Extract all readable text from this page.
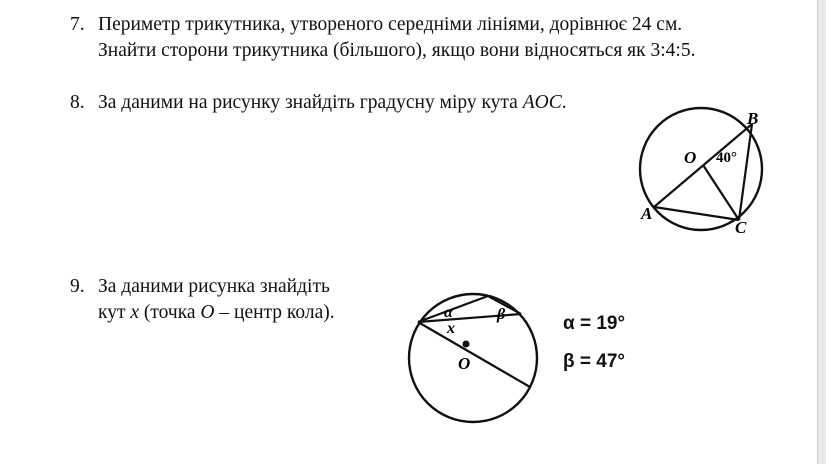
7. Периметр трикутника, утвореного середніми лініями, дорівнює 24 см.
Знайти сторони трикутника (більшого), якщо вони відносяться як 3:4:5.
8. За даними на рисунку знайдіть градусну міру кута AOC.
B
O 40°
A
C
9. За даними рисунка знайдіть
кут x (точка O – центр кола).	α	β
x
O
α = 19°
β = 47°
